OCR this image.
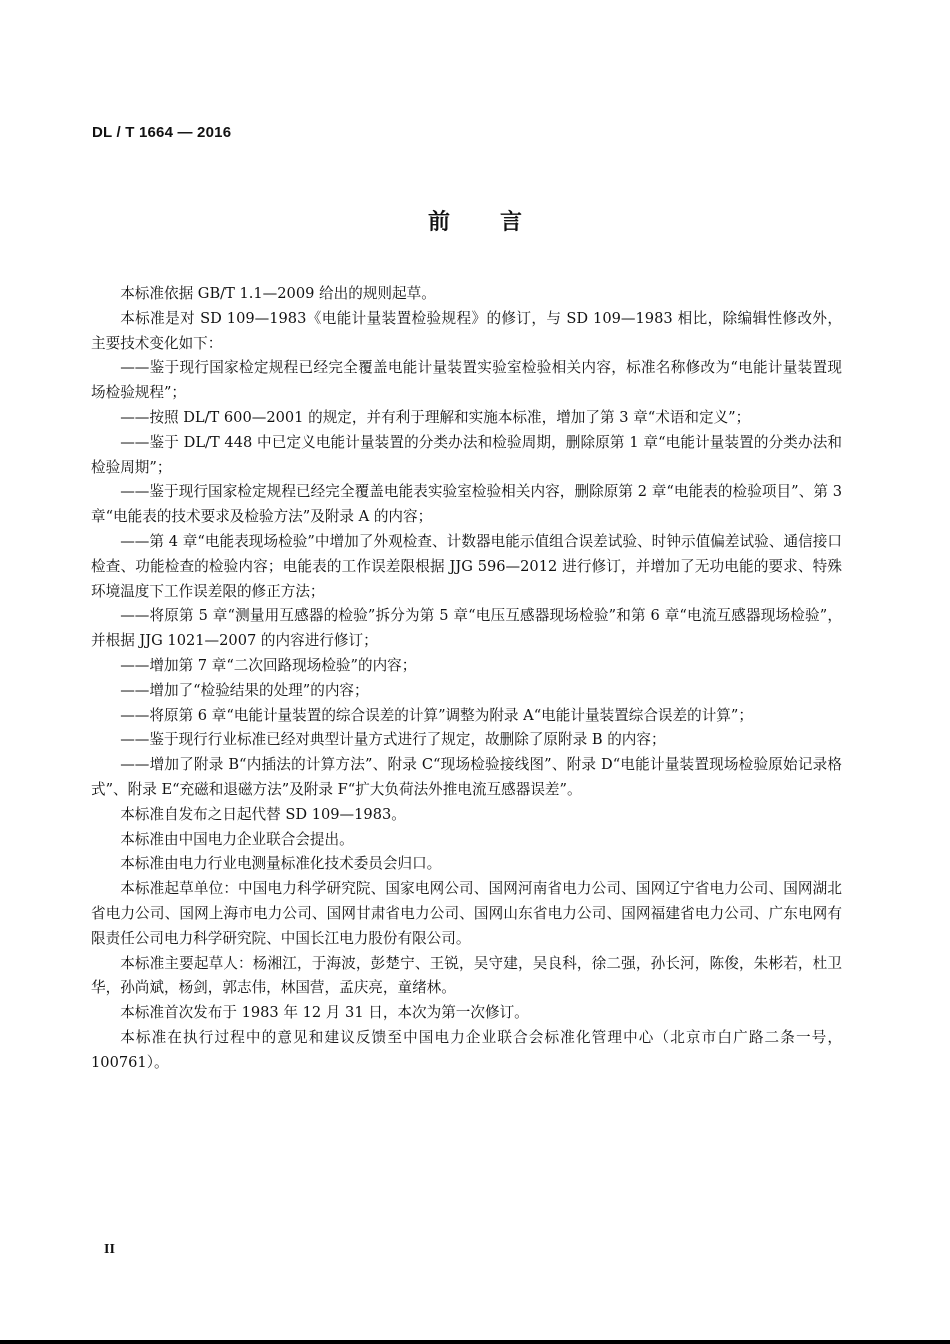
DL / T 1664 — 2016
前 言

本标准依据 GB/T 1.1—2009 给出的规则起草。

本标准是对 SD 109—1983《电能计量装置检验规程》的修订，与 SD 109—1983 相比，除编辑性修改外，主要技术变化如下：

——鉴于现行国家检定规程已经完全覆盖电能计量装置实验室检验相关内容，标准名称修改为“电能计量装置现场检验规程”；

——按照 DL/T 600—2001 的规定，并有利于理解和实施本标准，增加了第 3 章“术语和定义”；

——鉴于 DL/T 448 中已定义电能计量装置的分类办法和检验周期，删除原第 1 章“电能计量装置的分类办法和检验周期”；

——鉴于现行国家检定规程已经完全覆盖电能表实验室检验相关内容，删除原第 2 章“电能表的检验项目”、第 3 章“电能表的技术要求及检验方法”及附录 A 的内容；

——第 4 章“电能表现场检验”中增加了外观检查、计数器电能示值组合误差试验、时钟示值偏差试验、通信接口检查、功能检查的检验内容；电能表的工作误差限根据 JJG 596—2012 进行修订，并增加了无功电能的要求、特殊环境温度下工作误差限的修正方法；

——将原第 5 章“测量用互感器的检验”拆分为第 5 章“电压互感器现场检验”和第 6 章“电流互感器现场检验”，并根据 JJG 1021—2007 的内容进行修订；

——增加第 7 章“二次回路现场检验”的内容；

——增加了“检验结果的处理”的内容；

——将原第 6 章“电能计量装置的综合误差的计算”调整为附录 A“电能计量装置综合误差的计算”；

——鉴于现行行业标准已经对典型计量方式进行了规定，故删除了原附录 B 的内容；

——增加了附录 B“内插法的计算方法”、附录 C“现场检验接线图”、附录 D“电能计量装置现场检验原始记录格式”、附录 E“充磁和退磁方法”及附录 F“扩大负荷法外推电流互感器误差”。

本标准自发布之日起代替 SD 109—1983。

本标准由中国电力企业联合会提出。

本标准由电力行业电测量标准化技术委员会归口。

本标准起草单位：中国电力科学研究院、国家电网公司、国网河南省电力公司、国网辽宁省电力公司、国网湖北省电力公司、国网上海市电力公司、国网甘肃省电力公司、国网山东省电力公司、国网福建省电力公司、广东电网有限责任公司电力科学研究院、中国长江电力股份有限公司。

本标准主要起草人：杨湘江，于海波，彭楚宁、王锐，吴守建，吴良科，徐二强，孙长河，陈俊，朱彬若，杜卫华，孙尚斌，杨剑，郭志伟，林国营，孟庆亮，童绪林。

本标准首次发布于 1983 年 12 月 31 日，本次为第一次修订。

本标准在执行过程中的意见和建议反馈至中国电力企业联合会标准化管理中心（北京市白广路二条一号，100761）。

II
